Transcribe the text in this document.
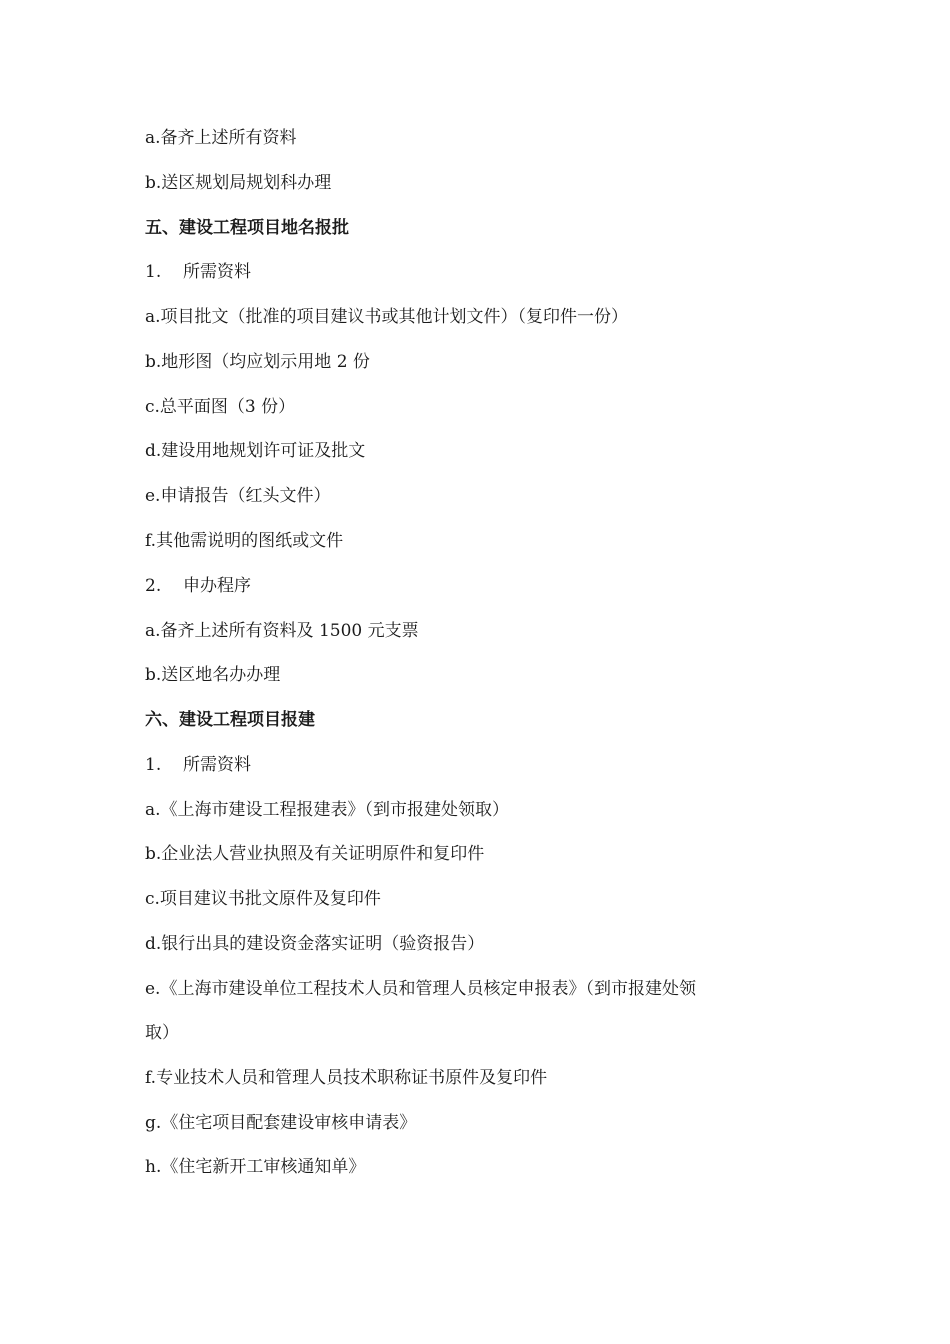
a.备齐上述所有资料
b.送区规划局规划科办理
五、建设工程项目地名报批
1. 所需资料
a.项目批文（批准的项目建议书或其他计划文件）（复印件一份）
b.地形图（均应划示用地 2 份
c.总平面图（3 份）
d.建设用地规划许可证及批文
e.申请报告（红头文件）
f.其他需说明的图纸或文件
2. 申办程序
a.备齐上述所有资料及 1500 元支票
b.送区地名办办理
六、建设工程项目报建
1. 所需资料
a.《上海市建设工程报建表》（到市报建处领取）
b.企业法人营业执照及有关证明原件和复印件
c.项目建议书批文原件及复印件
d.银行出具的建设资金落实证明（验资报告）
e.《上海市建设单位工程技术人员和管理人员核定申报表》（到市报建处领
取）
f.专业技术人员和管理人员技术职称证书原件及复印件
g.《住宅项目配套建设审核申请表》
h.《住宅新开工审核通知单》
